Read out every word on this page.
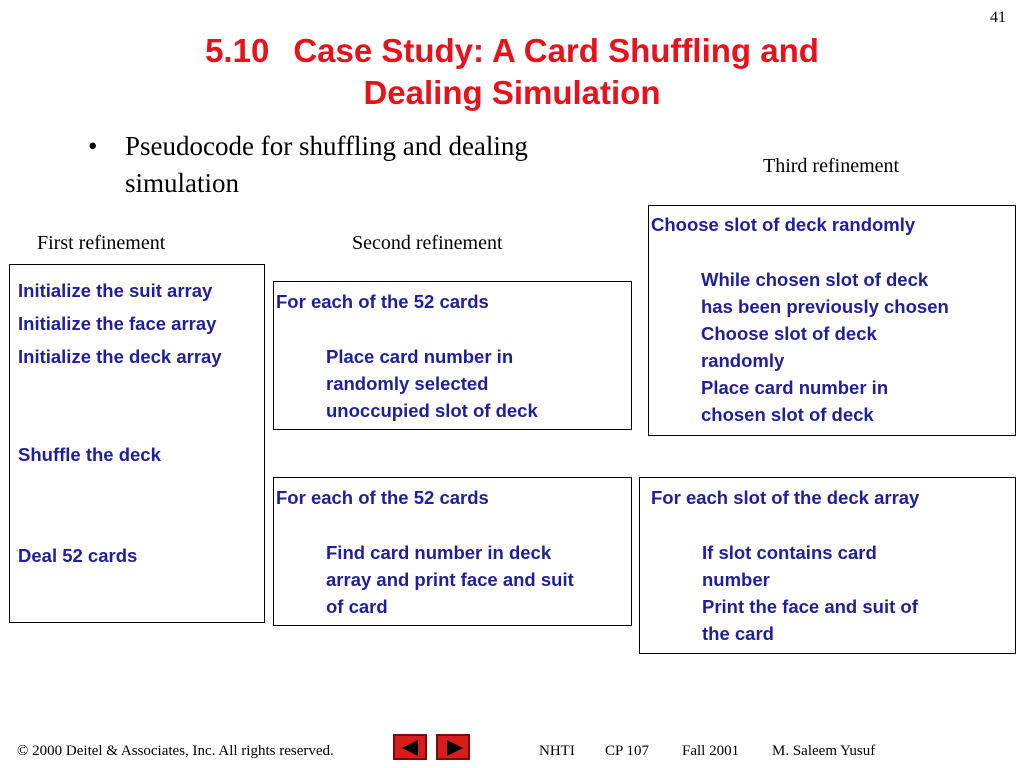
41
5.10 Case Study: A Card Shuffling and
Dealing Simulation
• Pseudocode for shuffling and dealing
simulation
First refinement	Second refinement
Third refinement
Initialize the suit array
Initialize the face array
Initialize the deck array
Shuffle the deck
Deal 52 cards
For each of the 52 cards
Place card number in
randomly selected
unoccupied slot of deck
For each of the 52 cards
Find card number in deck
array and print face and suit
of card
Choose slot of deck randomly
While chosen slot of deck
has been previously chosen
Choose slot of deck
randomly
Place card number in
chosen slot of deck
For each slot of the deck array
If slot contains card
number
Print the face and suit of
the card
© 2000 Deitel & Associates, Inc. All rights reserved.	NHTI CP 107 Fall 2001 M. Saleem Yusuf
